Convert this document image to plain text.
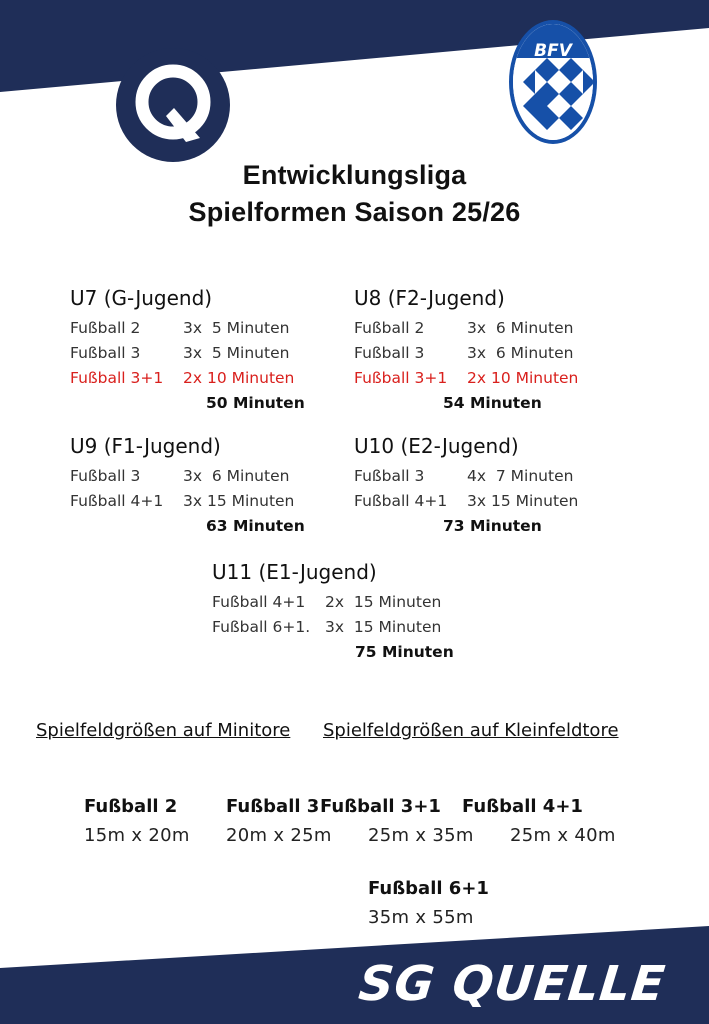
BFV
Entwicklungsliga
Spielformen Saison 25/26
U7 (G-Jugend)
Fußball 2	3x  5 Minuten
Fußball 3	3x  5 Minuten
Fußball 3+1	2x 10 Minuten
50 Minuten
U8 (F2-Jugend)
Fußball 2	3x  6 Minuten
Fußball 3	3x  6 Minuten
Fußball 3+1	2x 10 Minuten
54 Minuten
U9 (F1-Jugend)
Fußball 3	3x  6 Minuten
Fußball 4+1	3x 15 Minuten
63 Minuten
U10 (E2-Jugend)
Fußball 3	4x  7 Minuten
Fußball 4+1	3x 15 Minuten
73 Minuten
U11 (E1-Jugend)
Fußball 4+1	2x  15 Minuten
Fußball 6+1. 3x  15 Minuten
75 Minuten
Spielfeldgrößen auf Minitore Spielfeldgrößen auf Kleinfeldtore
Fußball 2
15m x 20m
Fußball 3
20m x 25m
Fußball 3+1
25m x 35m
Fußball 4+1
25m x 40m
Fußball 6+1
35m x 55m
SG QUELLE
